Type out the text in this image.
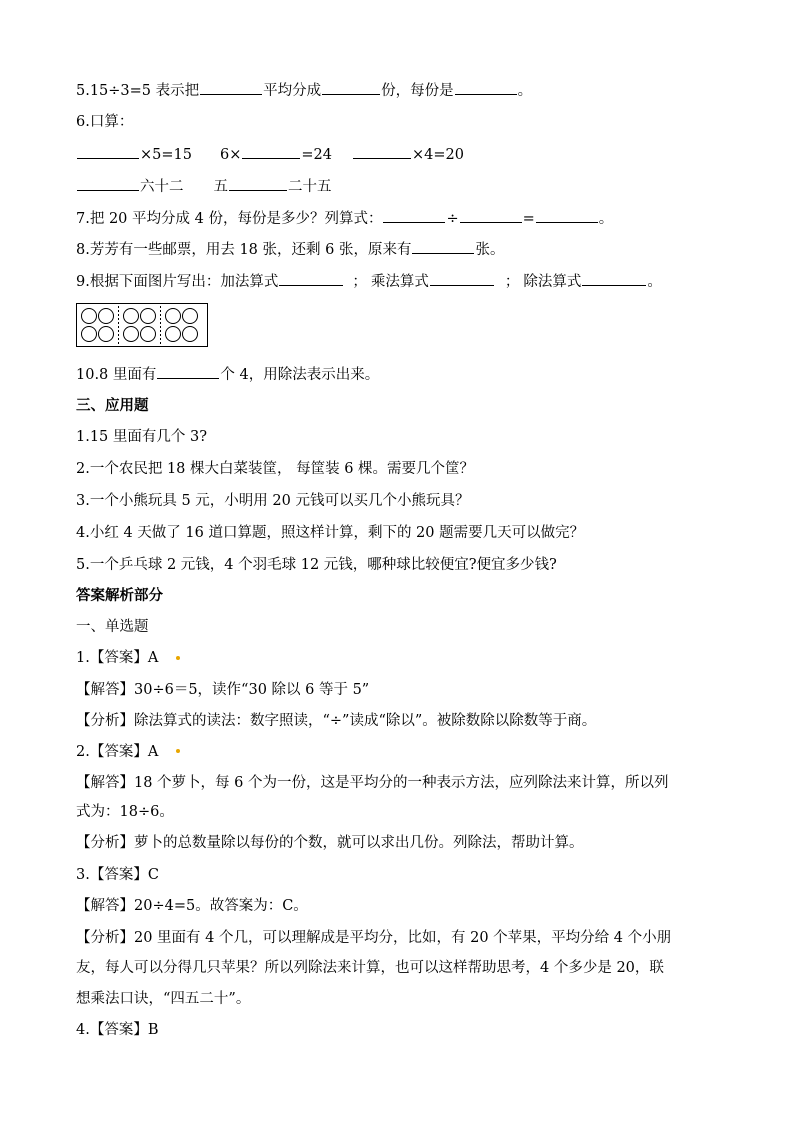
5.15÷3=5 表示把	平均分成	份，每份是	。
6.口算：
×5=15 6×	=24	×4=20
六十二 五	二十五
7.把 20 平均分成 4 份，每份是多少？列算式：	÷	=	。
8.芳芳有一些邮票，用去 18 张，还剩 6 张，原来有	张。
9.根据下面图片写出：加法算式	； 乘法算式	； 除法算式	。
10.8 里面有	个 4，用除法表示出来。
三、应用题
1.15 里面有几个 3?
2.一个农民把 18 棵大白菜装筐， 每筐装 6 棵。需要几个筐？
3.一个小熊玩具 5 元，小明用 20 元钱可以买几个小熊玩具？
4.小红 4 天做了 16 道口算题，照这样计算，剩下的 20 题需要几天可以做完？
5.一个乒乓球 2 元钱，4 个羽毛球 12 元钱，哪种球比较便宜?便宜多少钱?
答案解析部分
一、单选题
1.【答案】A
【解答】30÷6＝5，读作“30 除以 6 等于 5”
【分析】除法算式的读法：数字照读，“÷”读成“除以”。被除数除以除数等于商。
2.【答案】A
【解答】18 个萝卜，每 6 个为一份，这是平均分的一种表示方法，应列除法来计算，所以列
式为：18÷6。
【分析】萝卜的总数量除以每份的个数，就可以求出几份。列除法，帮助计算。
3.【答案】C
【解答】20÷4=5。故答案为：C。
【分析】20 里面有 4 个几，可以理解成是平均分，比如，有 20 个苹果，平均分给 4 个小朋
友，每人可以分得几只苹果？所以列除法来计算，也可以这样帮助思考，4 个多少是 20，联
想乘法口诀，“四五二十”。
4.【答案】B
